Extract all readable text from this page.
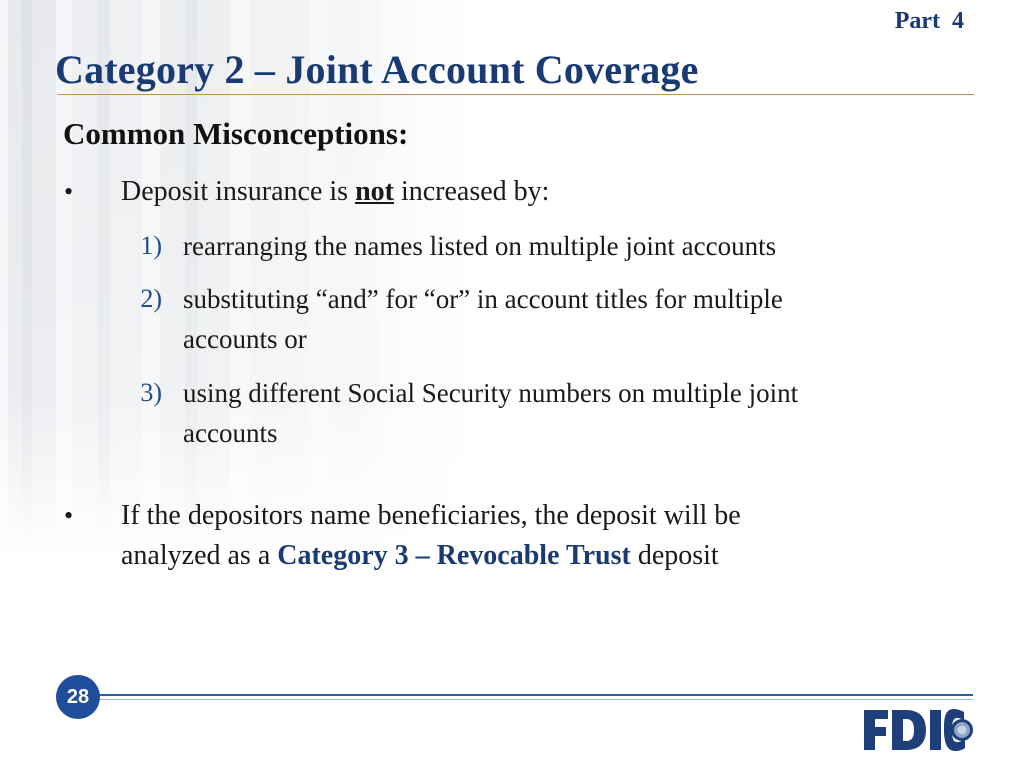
Part  4
Category 2 – Joint Account Coverage
Common Misconceptions:
• Deposit insurance is not increased by:
1) rearranging the names listed on multiple joint accounts
2) substituting “and” for “or” in account titles for multiple
accounts or
3) using different Social Security numbers on multiple joint
accounts
• If the depositors name beneficiaries, the deposit will be
analyzed as a Category 3 – Revocable Trust deposit
28
